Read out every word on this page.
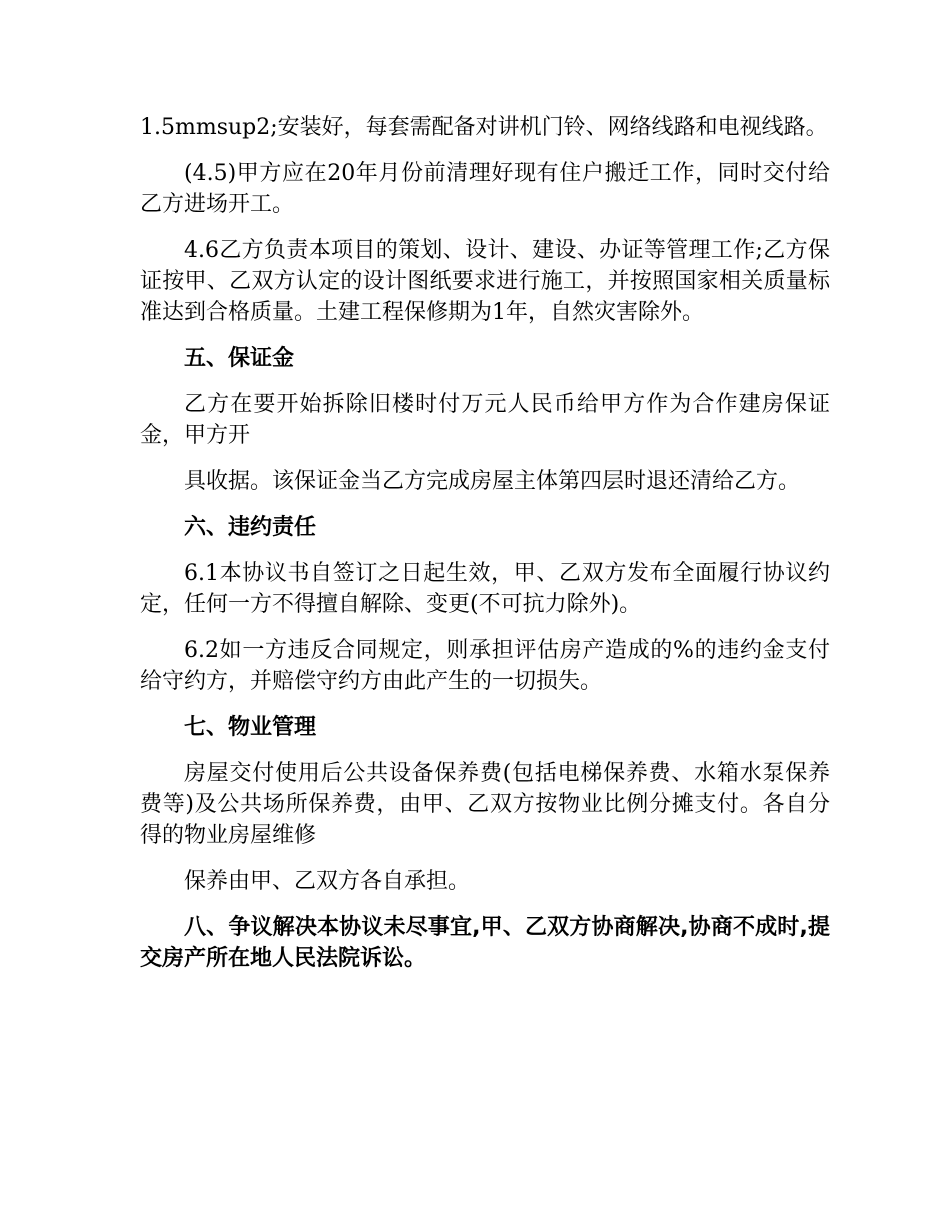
1.5mmsup2;安装好，每套需配备对讲机门铃、网络线路和电视线路。

(4.5)甲方应在20年月份前清理好现有住户搬迁工作，同时交付给乙方进场开工。

4.6乙方负责本项目的策划、设计、建设、办证等管理工作;乙方保证按甲、乙双方认定的设计图纸要求进行施工，并按照国家相关质量标准达到合格质量。土建工程保修期为1年，自然灾害除外。

五、保证金

乙方在要开始拆除旧楼时付万元人民币给甲方作为合作建房保证金，甲方开

具收据。该保证金当乙方完成房屋主体第四层时退还清给乙方。

六、违约责任

6.1本协议书自签订之日起生效，甲、乙双方发布全面履行协议约定，任何一方不得擅自解除、变更(不可抗力除外)。

6.2如一方违反合同规定，则承担评估房产造成的%的违约金支付给守约方，并赔偿守约方由此产生的一切损失。

七、物业管理

房屋交付使用后公共设备保养费(包括电梯保养费、水箱水泵保养费等)及公共场所保养费，由甲、乙双方按物业比例分摊支付。各自分得的物业房屋维修

保养由甲、乙双方各自承担。

八、争议解决本协议未尽事宜,甲、乙双方协商解决,协商不成时,提交房产所在地人民法院诉讼。
